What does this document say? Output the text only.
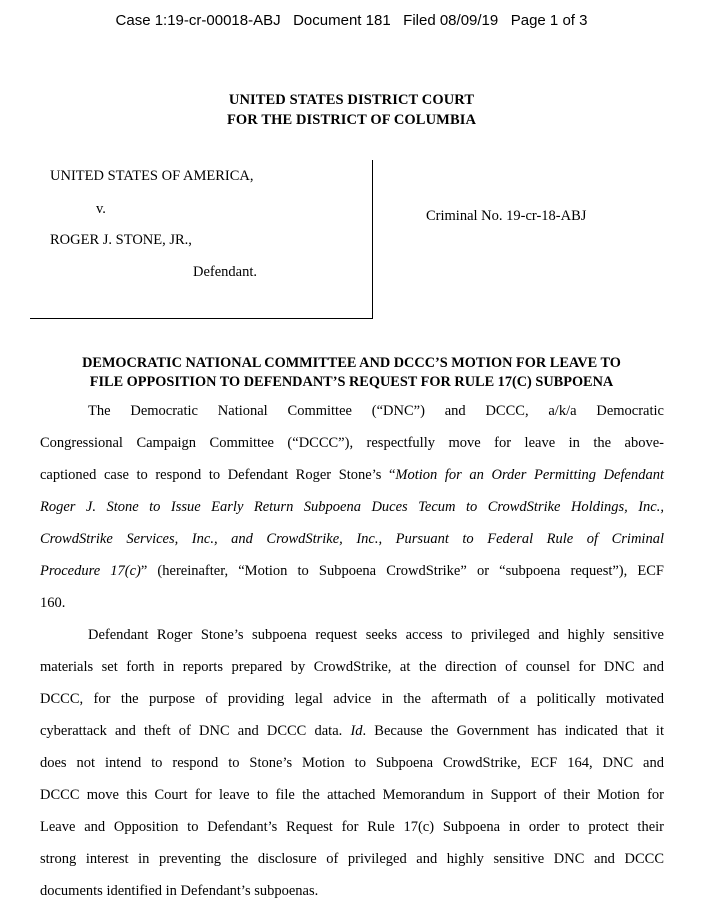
Case 1:19-cr-00018-ABJ   Document 181   Filed 08/09/19   Page 1 of 3
UNITED STATES DISTRICT COURT
FOR THE DISTRICT OF COLUMBIA
UNITED STATES OF AMERICA,
v.
ROGER J. STONE, JR.,
Defendant.
Criminal No. 19-cr-18-ABJ
DEMOCRATIC NATIONAL COMMITTEE AND DCCC’S MOTION FOR LEAVE TO
FILE OPPOSITION TO DEFENDANT’S REQUEST FOR RULE 17(C) SUBPOENA
The Democratic National Committee (“DNC”) and DCCC, a/k/a Democratic
Congressional Campaign Committee (“DCCC”), respectfully move for leave in the above-
captioned case to respond to Defendant Roger Stone’s “Motion for an Order Permitting Defendant
Roger J. Stone to Issue Early Return Subpoena Duces Tecum to CrowdStrike Holdings, Inc.,
CrowdStrike Services, Inc., and CrowdStrike, Inc., Pursuant to Federal Rule of Criminal
Procedure 17(c)” (hereinafter, “Motion to Subpoena CrowdStrike” or “subpoena request”), ECF
160.
Defendant Roger Stone’s subpoena request seeks access to privileged and highly sensitive
materials set forth in reports prepared by CrowdStrike, at the direction of counsel for DNC and
DCCC, for the purpose of providing legal advice in the aftermath of a politically motivated
cyberattack and theft of DNC and DCCC data. Id. Because the Government has indicated that it
does not intend to respond to Stone’s Motion to Subpoena CrowdStrike, ECF 164, DNC and
DCCC move this Court for leave to file the attached Memorandum in Support of their Motion for
Leave and Opposition to Defendant’s Request for Rule 17(c) Subpoena in order to protect their
strong interest in preventing the disclosure of privileged and highly sensitive DNC and DCCC
documents identified in Defendant’s subpoenas.
